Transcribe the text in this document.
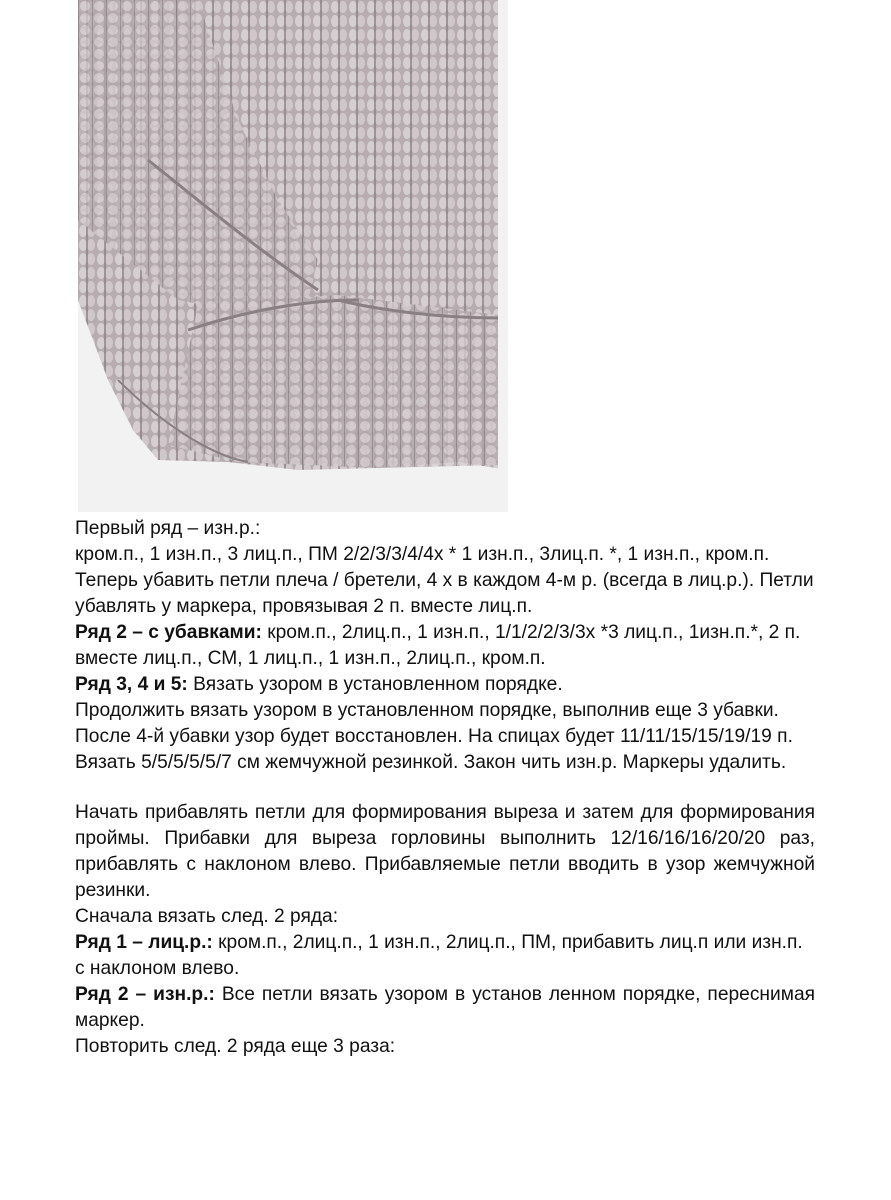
Первый ряд – изн.р.:

кром.п., 1 изн.п., 3 лиц.п., ПМ 2/2/3/3/4/4х * 1 изн.п., 3лиц.п. *, 1 изн.п., кром.п.

Теперь убавить петли плеча / бретели, 4 х в каждом 4-м р. (всегда в лиц.р.). Петли убавлять у маркера, провязывая 2 п. вместе лиц.п.

Ряд 2 – с убавками: кром.п., 2лиц.п., 1 изн.п., 1/1/2/2/3/3х *3 лиц.п., 1изн.п.*, 2 п. вместе лиц.п., СМ, 1 лиц.п., 1 изн.п., 2лиц.п., кром.п.

Ряд 3, 4 и 5: Вязать узором в установленном порядке.

Продолжить вязать узором в установленном порядке, выполнив еще 3 убавки.

После 4-й убавки узор будет восстановлен. На спицах будет 11/11/15/15/19/19 п.

Вязать 5/5/5/5/5/7 см жемчужной резинкой. Закон чить изн.р. Маркеры удалить.

Начать прибавлять петли для формирования выреза и затем для формирования проймы. Прибавки для выреза горловины выполнить 12/16/16/16/20/20 раз, прибавлять с наклоном влево. Прибавляемые петли вводить в узор жемчужной резинки.

Сначала вязать след. 2 ряда:

Ряд 1 – лиц.р.: кром.п., 2лиц.п., 1 изн.п., 2лиц.п., ПМ, прибавить лиц.п или изн.п. с наклоном влево.

Ряд 2 – изн.р.: Все петли вязать узором в установ ленном порядке, переснимая маркер.

Повторить след. 2 ряда еще 3 раза:
